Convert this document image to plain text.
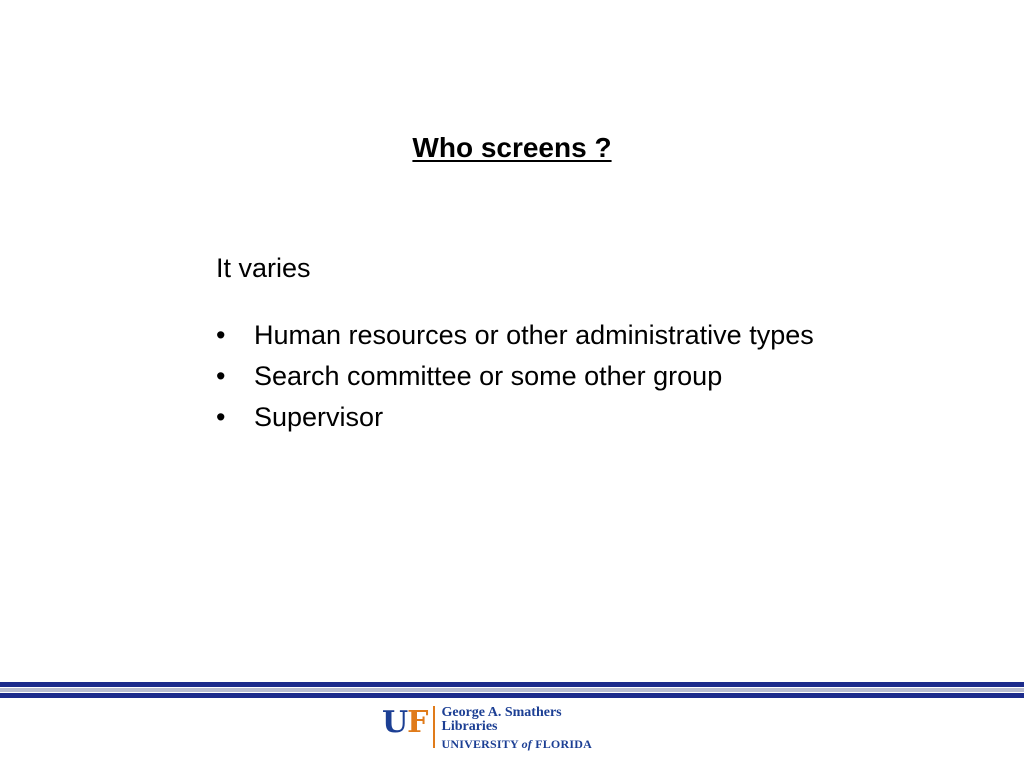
Who screens ?
It varies
• Human resources or other administrative types
• Search committee or some other group
• Supervisor
UF George A. Smathers
Libraries
UNIVERSITY of FLORIDA
